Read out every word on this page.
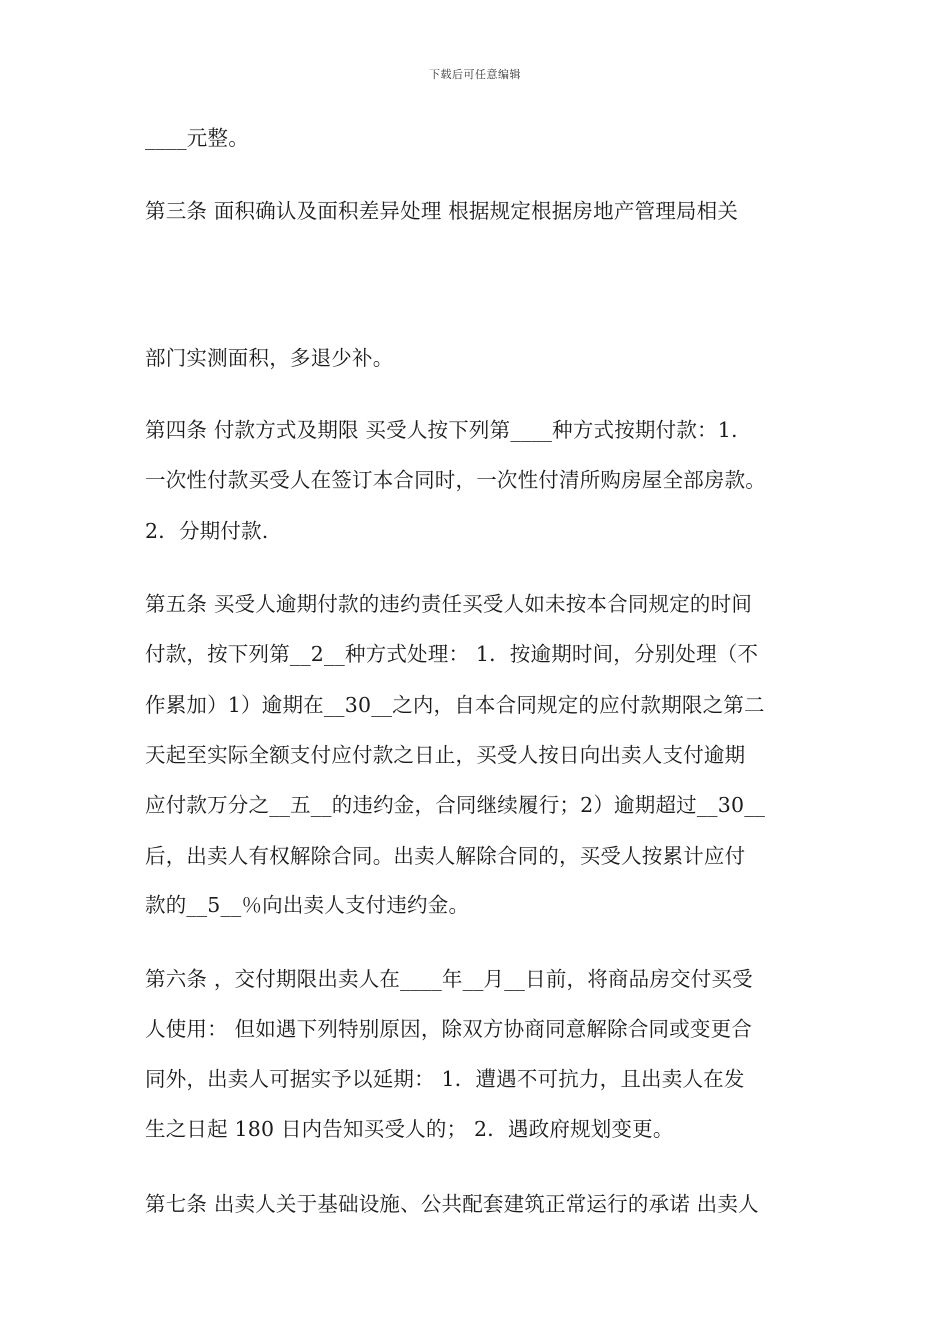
下载后可任意编辑
____元整。
第三条 面积确认及面积差异处理 根据规定根据房地产管理局相关
部门实测面积，多退少补。
第四条 付款方式及期限 买受人按下列第____种方式按期付款：1.
一次性付款买受人在签订本合同时，一次性付清所购房屋全部房款。
2．分期付款.
第五条 买受人逾期付款的违约责任买受人如未按本合同规定的时间
付款，按下列第__2__种方式处理： 1．按逾期时间，分别处理（不
作累加）1）逾期在__30__之内，自本合同规定的应付款期限之第二
天起至实际全额支付应付款之日止，买受人按日向出卖人支付逾期
应付款万分之__五__的违约金，合同继续履行；2）逾期超过__30__
后，出卖人有权解除合同。出卖人解除合同的，买受人按累计应付
款的__5__％向出卖人支付违约金。
第六条 ，交付期限出卖人在____年__月__日前，将商品房交付买受
人使用： 但如遇下列特别原因，除双方协商同意解除合同或变更合
同外，出卖人可据实予以延期： 1．遭遇不可抗力，且出卖人在发
生之日起 180 日内告知买受人的； 2．遇政府规划变更。
第七条 出卖人关于基础设施、公共配套建筑正常运行的承诺 出卖人
